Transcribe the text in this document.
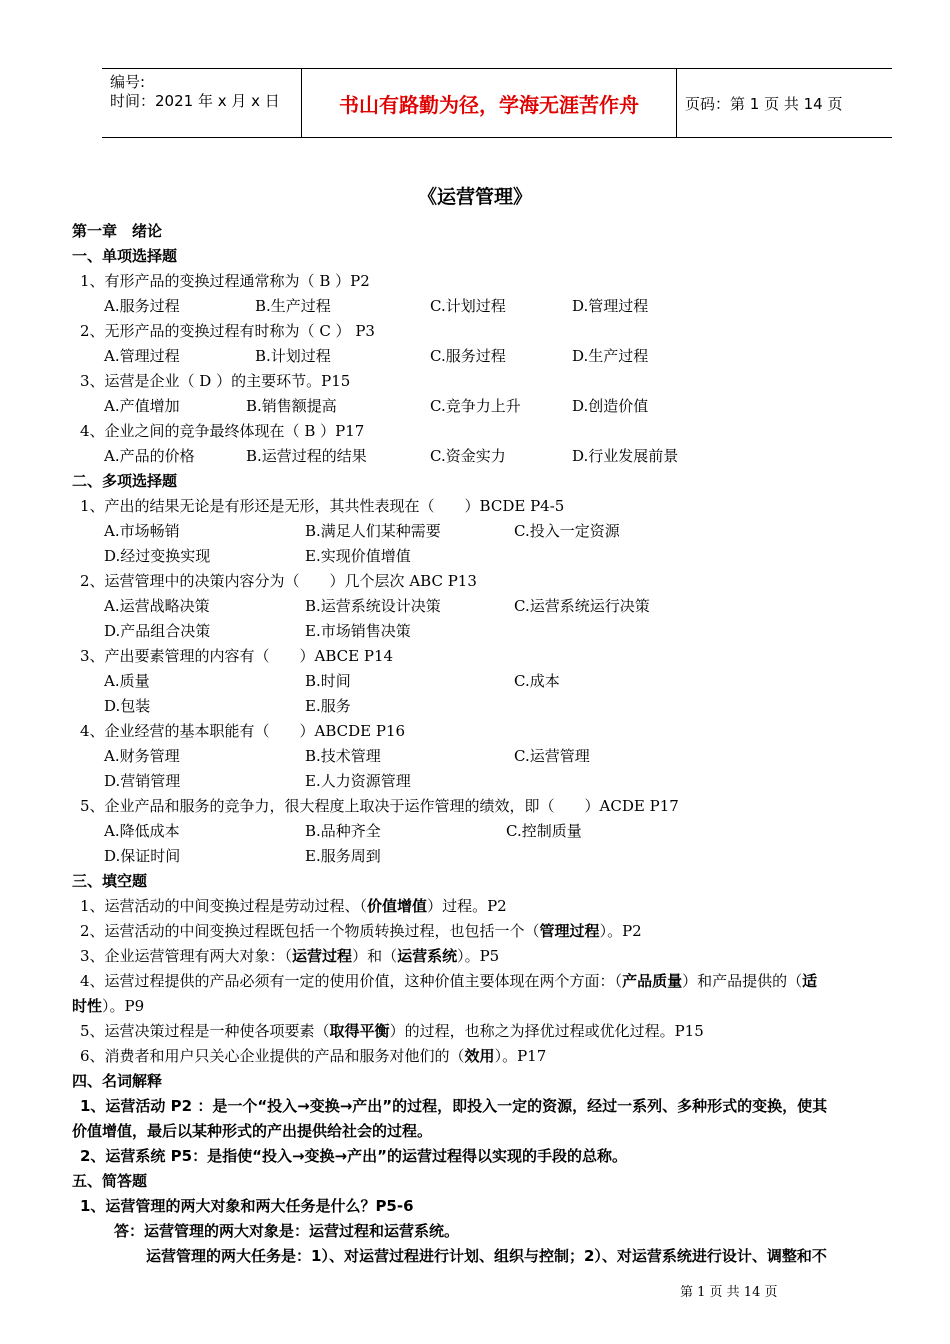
编号:
时间：2021 年 x 月 x 日	书山有路勤为径，学海无涯苦作舟	页码：第 1 页 共 14 页
《运营管理》
第一章　绪论
一、单项选择题
1、有形产品的变换过程通常称为（ B ）P2
A.服务过程	B.生产过程	C.计划过程	D.管理过程
2、无形产品的变换过程有时称为（ C ） P3
A.管理过程	B.计划过程	C.服务过程	D.生产过程
3、运营是企业（ D ）的主要环节。P15
A.产值增加	B.销售额提高	C.竞争力上升	D.创造价值
4、企业之间的竞争最终体现在（ B ）P17
A.产品的价格	B.运营过程的结果	C.资金实力	D.行业发展前景
二、多项选择题
1、产出的结果无论是有形还是无形，其共性表现在（　　）BCDE P4-5
A.市场畅销	B.满足人们某种需要	C.投入一定资源
D.经过变换实现	E.实现价值增值
2、运营管理中的决策内容分为（　　）几个层次 ABC P13
A.运营战略决策	B.运营系统设计决策	C.运营系统运行决策
D.产品组合决策	E.市场销售决策
3、产出要素管理的内容有（　　）ABCE P14
A.质量	B.时间	C.成本
D.包装	E.服务
4、企业经营的基本职能有（　　）ABCDE P16
A.财务管理	B.技术管理	C.运营管理
D.营销管理	E.人力资源管理
5、企业产品和服务的竞争力，很大程度上取决于运作管理的绩效，即（　　）ACDE P17
A.降低成本	B.品种齐全	C.控制质量
D.保证时间	E.服务周到
三、填空题
1、运营活动的中间变换过程是劳动过程、（价值增值）过程。P2
2、运营活动的中间变换过程既包括一个物质转换过程，也包括一个（管理过程）。P2
3、企业运营管理有两大对象：（运营过程）和（运营系统）。P5
4、运营过程提供的产品必须有一定的使用价值，这种价值主要体现在两个方面：（产品质量）和产品提供的（适
时性）。P9
5、运营决策过程是一种使各项要素（取得平衡）的过程，也称之为择优过程或优化过程。P15
6、消费者和用户只关心企业提供的产品和服务对他们的（效用）。P17
四、名词解释
1、运营活动 P2 ：是一个“投入→变换→产出”的过程，即投入一定的资源，经过一系列、多种形式的变换，使其
价值增值，最后以某种形式的产出提供给社会的过程。
2、运营系统 P5：是指使“投入→变换→产出”的运营过程得以实现的手段的总称。
五、简答题
1、运营管理的两大对象和两大任务是什么？P5-6
答：运营管理的两大对象是：运营过程和运营系统。
运营管理的两大任务是：1）、对运营过程进行计划、组织与控制；2）、对运营系统进行设计、调整和不
第 1 页 共 14 页
